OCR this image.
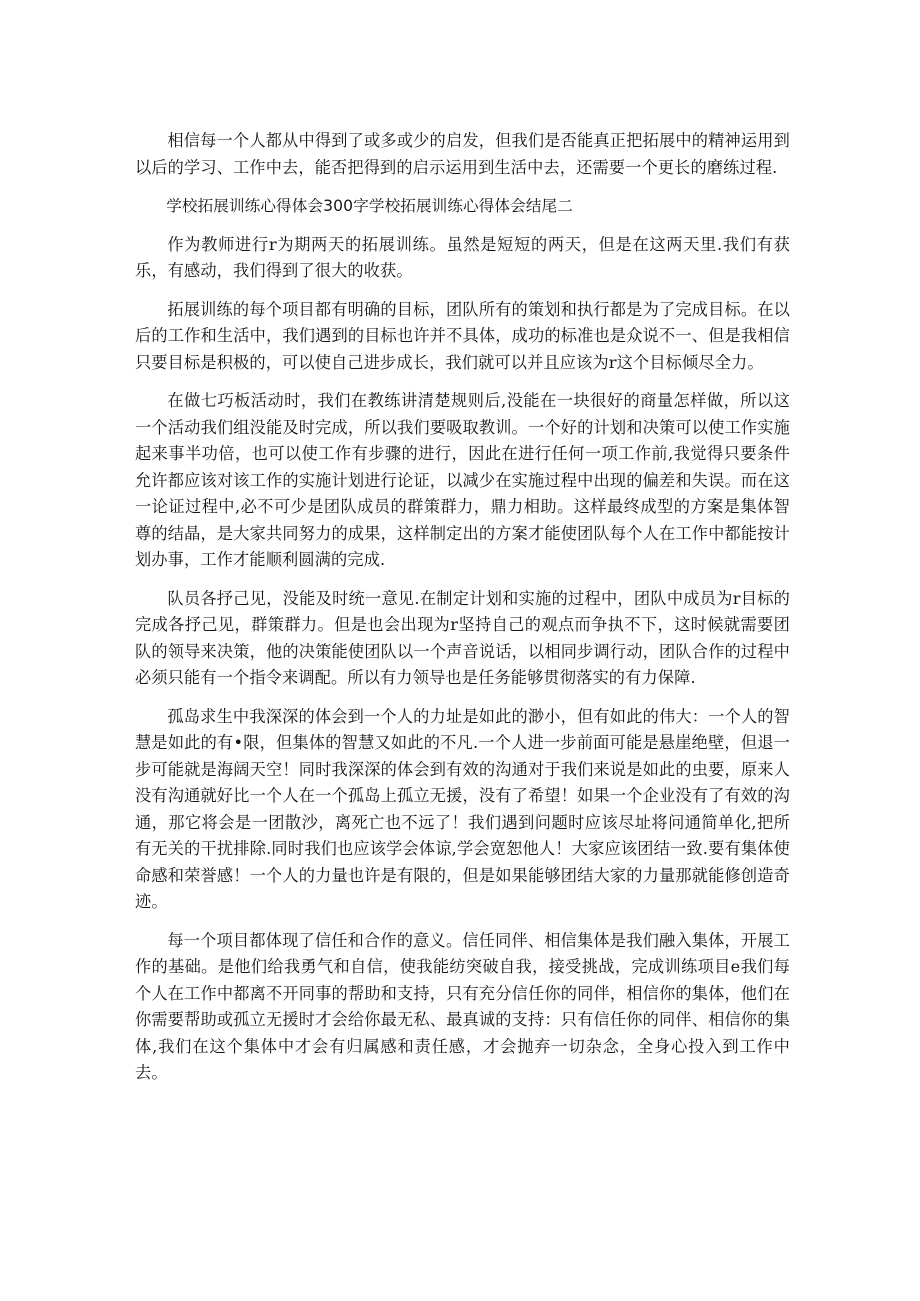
相信每一个人都从中得到了或多或少的启发，但我们是否能真正把拓展中的精神运用到以后的学习、工作中去，能否把得到的启示运用到生活中去，还需要一个更长的磨练过程.

学校拓展训练心得体会300字学校拓展训练心得体会结尾二

作为教师进行r为期两天的拓展训练。虽然是短短的两天，但是在这两天里.我们有获乐，有感动，我们得到了很大的收获。

拓展训练的每个项目都有明确的目标，团队所有的策划和执行都是为了完成目标。在以后的工作和生活中，我们遇到的目标也许并不具体，成功的标准也是众说不一、但是我相信只要目标是积极的，可以使自己进步成长，我们就可以并且应该为r这个目标倾尽全力。

在做七巧板活动时，我们在教练讲清楚规则后,没能在一块很好的商量怎样做，所以这一个活动我们组没能及时完成，所以我们要吸取教训。一个好的计划和决策可以使工作实施起来事半功倍，也可以使工作有步骤的进行，因此在进行任何一项工作前,我觉得只要条件允许都应该对该工作的实施计划进行论证，以减少在实施过程中出现的偏差和失误。而在这一论证过程中,必不可少是团队成员的群策群力，鼎力相助。这样最终成型的方案是集体智尊的结晶，是大家共同努力的成果，这样制定出的方案才能使团队每个人在工作中都能按计划办事，工作才能顺利圆满的完成.

队员各抒己见，没能及时统一意见.在制定计划和实施的过程中，团队中成员为r目标的完成各抒己见，群策群力。但是也会出现为r坚持自己的观点而争执不下，这时候就需要团队的领导来决策，他的决策能使团队以一个声音说话，以相同步调行动，团队合作的过程中必须只能有一个指令来调配。所以有力领导也是任务能够贯彻落实的有力保障.

孤岛求生中我深深的体会到一个人的力址是如此的渺小，但有如此的伟大：一个人的智慧是如此的有•限，但集体的智慧又如此的不凡.一个人进一步前面可能是悬崖绝壁，但退一步可能就是海阔天空！同时我深深的体会到有效的沟通对于我们来说是如此的虫要，原来人没有沟通就好比一个人在一个孤岛上孤立无援，没有了希望！如果一个企业没有了有效的沟通，那它将会是一团散沙，离死亡也不远了！我们遇到问题时应该尽址将问通简单化,把所有无关的干扰排除.同时我们也应该学会体谅,学会宽恕他人！大家应该团结一致.要有集体使命感和荣誉感！一个人的力量也许是有限的，但是如果能够团结大家的力量那就能修创造奇迹。

每一个项目都体现了信任和合作的意义。信任同伴、相信集体是我们融入集体，开展工作的基础。是他们给我勇气和自信，使我能纺突破自我，接受挑战，完成训练项目e我们每个人在工作中都离不开同事的帮助和支持，只有充分信任你的同伴，相信你的集体，他们在你需要帮助或孤立无援时才会给你最无私、最真诚的支持：只有信任你的同伴、相信你的集体,我们在这个集体中才会有归属感和责任感，才会抛弃一切杂念，全身心投入到工作中去。
